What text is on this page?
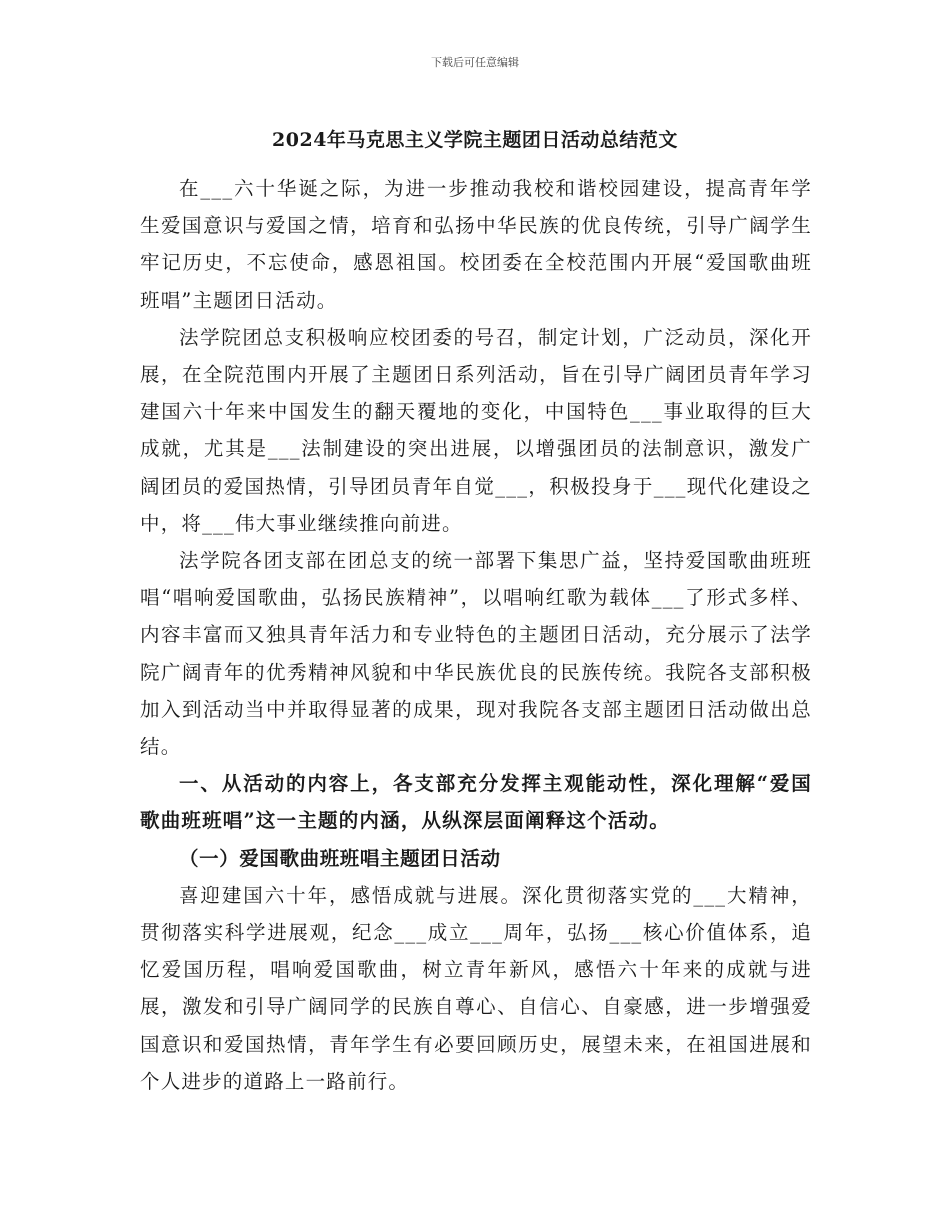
下载后可任意编辑
2024年马克思主义学院主题团日活动总结范文

在___六十华诞之际，为进一步推动我校和谐校园建设，提高青年学生爱国意识与爱国之情，培育和弘扬中华民族的优良传统，引导广阔学生牢记历史，不忘使命，感恩祖国。校团委在全校范围内开展“爱国歌曲班班唱”主题团日活动。

法学院团总支积极响应校团委的号召，制定计划，广泛动员，深化开展，在全院范围内开展了主题团日系列活动，旨在引导广阔团员青年学习建国六十年来中国发生的翻天覆地的变化，中国特色___事业取得的巨大成就，尤其是___法制建设的突出进展，以增强团员的法制意识，激发广阔团员的爱国热情，引导团员青年自觉___，积极投身于___现代化建设之中，将___伟大事业继续推向前进。

法学院各团支部在团总支的统一部署下集思广益，坚持爱国歌曲班班唱“唱响爱国歌曲，弘扬民族精神”，以唱响红歌为载体___了形式多样、内容丰富而又独具青年活力和专业特色的主题团日活动，充分展示了法学院广阔青年的优秀精神风貌和中华民族优良的民族传统。我院各支部积极加入到活动当中并取得显著的成果，现对我院各支部主题团日活动做出总结。

一、从活动的内容上，各支部充分发挥主观能动性，深化理解“爱国歌曲班班唱”这一主题的内涵，从纵深层面阐释这个活动。

（一）爱国歌曲班班唱主题团日活动

喜迎建国六十年，感悟成就与进展。深化贯彻落实党的___大精神，贯彻落实科学进展观，纪念___成立___周年，弘扬___核心价值体系，追忆爱国历程，唱响爱国歌曲，树立青年新风，感悟六十年来的成就与进展，激发和引导广阔同学的民族自尊心、自信心、自豪感，进一步增强爱国意识和爱国热情，青年学生有必要回顾历史，展望未来，在祖国进展和个人进步的道路上一路前行。
